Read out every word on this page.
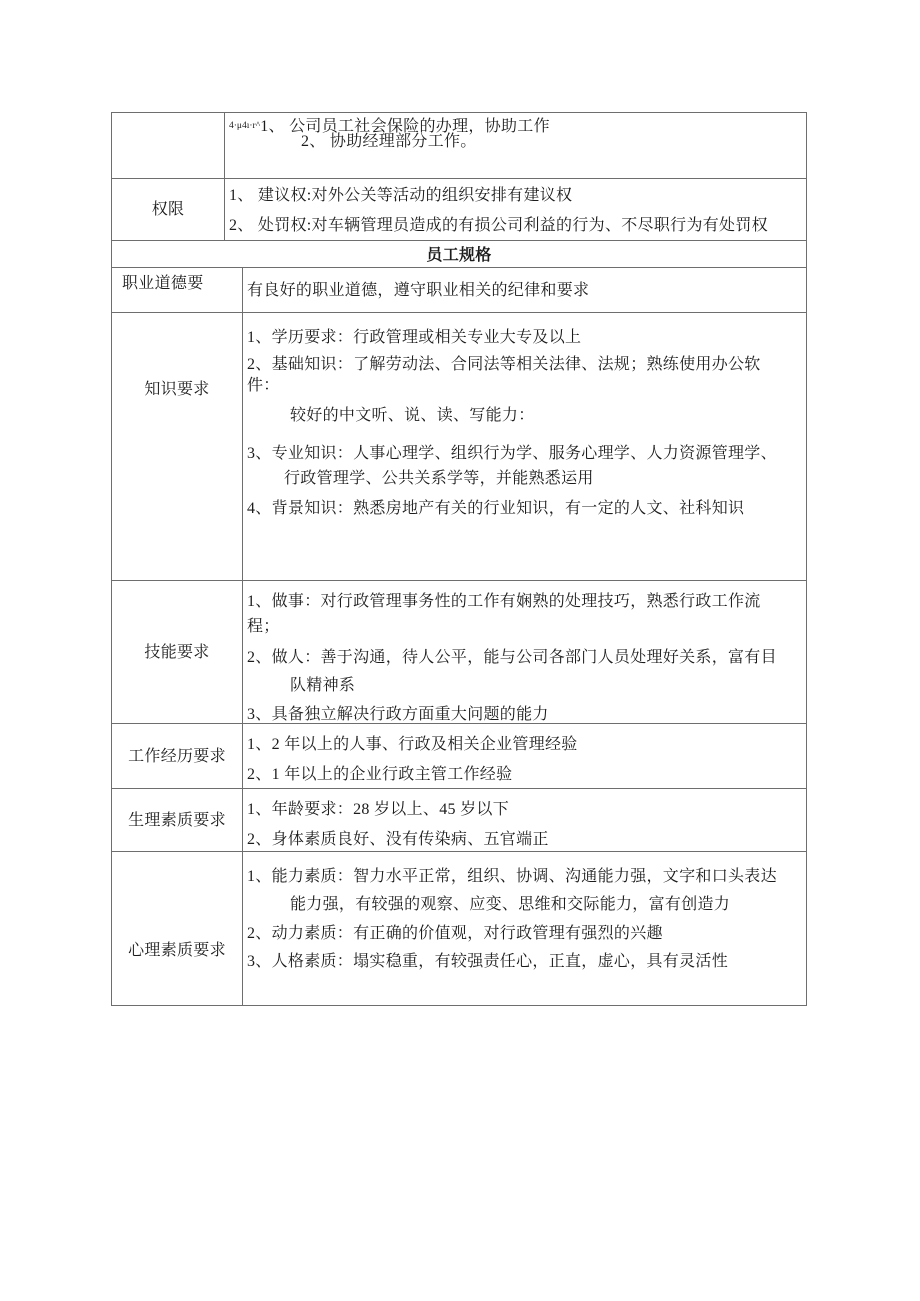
4·μ4ı·r^1、 公司员工社会保险的办理，协助工作
2、 协助经理部分工作。
权限
1、 建议权:对外公关等活动的组织安排有建议权
2、 处罚权:对车辆管理员造成的有损公司利益的行为、不尽职行为有处罚权
员工规格
职业道德要	有良好的职业道德，遵守职业相关的纪律和要求
知识要求
1、学历要求：行政管理或相关专业大专及以上
2、基础知识：了解劳动法、合同法等相关法律、法规；熟练使用办公软
件：
较好的中文听、说、读、写能力：
3、专业知识：人事心理学、组织行为学、服务心理学、人力资源管理学、
行政管理学、公共关系学等，并能熟悉运用
4、背景知识：熟悉房地产有关的行业知识，有一定的人文、社科知识
技能要求
1、做事：对行政管理事务性的工作有娴熟的处理技巧，熟悉行政工作流
程；
2、做人：善于沟通，待人公平，能与公司各部门人员处理好关系，富有目
队精神系
3、具备独立解决行政方面重大问题的能力
工作经历要求
1、2 年以上的人事、行政及相关企业管理经验
2、1 年以上的企业行政主管工作经验
生理素质要求
1、年龄要求：28 岁以上、45 岁以下
2、身体素质良好、没有传染病、五官端正
心理素质要求
1、能力素质：智力水平正常，组织、协调、沟通能力强，文字和口头表达
能力强，有较强的观察、应变、思维和交际能力，富有创造力
2、动力素质：有正确的价值观，对行政管理有强烈的兴趣
3、人格素质：塌实稳重，有较强责任心，正直，虚心，具有灵活性
